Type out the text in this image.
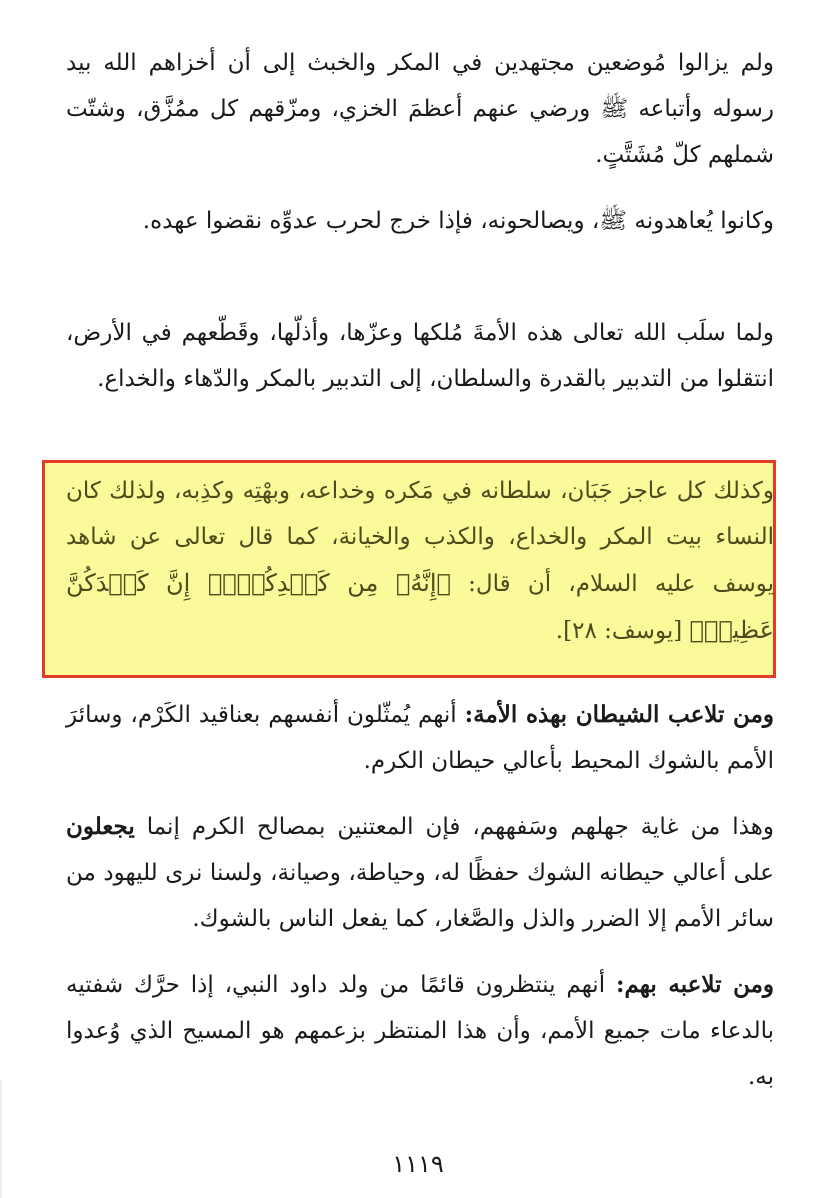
ولم يزالوا مُوضعين مجتهدين في المكر والخبث إلى أن أخزاهم الله بيد رسوله وأتباعه ﷺ ورضي عنهم أعظمَ الخزي، ومزّقهم كل ممُزَّق، وشتّت شملهم كلّ مُشَتَّتٍ.
وكانوا يُعاهدونه ﷺ، ويصالحونه، فإذا خرج لحرب عدوِّه نقضوا عهده.
ولما سلَب الله تعالى هذه الأمةَ مُلكها وعزّها، وأذلّها، وقَطّعهم في الأرض، انتقلوا من التدبير بالقدرة والسلطان، إلى التدبير بالمكر والدّهاء والخداع.
وكذلك كل عاجز جَبَان، سلطانه في مَكره وخداعه، وبهْتِه وكذِبه، ولذلك كان النساء بيت المكر والخداع، والكذب والخيانة، كما قال تعالى عن شاهد يوسف عليه السلام، أن قال: ﴿إِنَّهُۥ مِن كَيۡدِكُنَّۖ إِنَّ كَيۡدَكُنَّ عَظِيمٞ﴾ [يوسف: ٢٨].
ومن تلاعب الشيطان بهذه الأمة: أنهم يُمثّلون أنفسهم بعناقيد الكَرْم، وسائرَ الأمم بالشوك المحيط بأعالي حيطان الكرم.
وهذا من غاية جهلهم وسَفههم، فإن المعتنين بمصالح الكرم إنما يجعلون على أعالي حيطانه الشوك حفظًا له، وحياطة، وصيانة، ولسنا نرى لليهود من سائر الأمم إلا الضرر والذل والصَّغار، كما يفعل الناس بالشوك.
ومن تلاعبه بهم: أنهم ينتظرون قائمًا من ولد داود النبي، إذا حرَّك شفتيه بالدعاء مات جميع الأمم، وأن هذا المنتظر بزعمهم هو المسيح الذي وُعدوا به.
١١١٩
